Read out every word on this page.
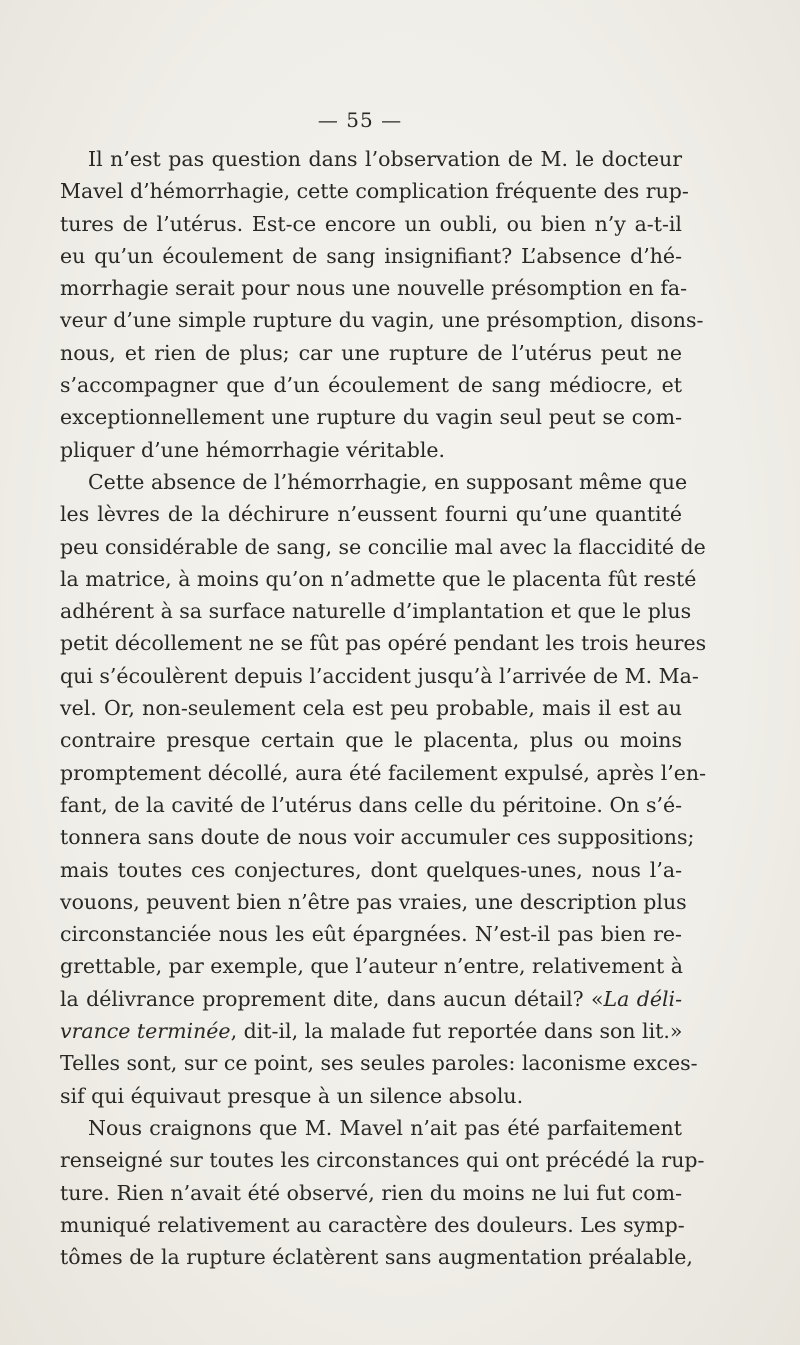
— 55 —
Il n’est pas question dans l’observation de M. le docteur
Mavel d’hémorrhagie, cette complication fréquente des rup-
tures de l’utérus. Est-ce encore un oubli, ou bien n’y a-t-il
eu qu’un écoulement de sang insignifiant? L’absence d’hé-
morrhagie serait pour nous une nouvelle présomption en fa-
veur d’une simple rupture du vagin, une présomption, disons-
nous, et rien de plus; car une rupture de l’utérus peut ne
s’accompagner que d’un écoulement de sang médiocre, et
exceptionnellement une rupture du vagin seul peut se com-
pliquer d’une hémorrhagie véritable.
Cette absence de l’hémorrhagie, en supposant même que
les lèvres de la déchirure n’eussent fourni qu’une quantité
peu considérable de sang, se concilie mal avec la flaccidité de
la matrice, à moins qu’on n’admette que le placenta fût resté
adhérent à sa surface naturelle d’implantation et que le plus
petit décollement ne se fût pas opéré pendant les trois heures
qui s’écoulèrent depuis l’accident jusqu’à l’arrivée de M. Ma-
vel. Or, non-seulement cela est peu probable, mais il est au
contraire presque certain que le placenta, plus ou moins
promptement décollé, aura été facilement expulsé, après l’en-
fant, de la cavité de l’utérus dans celle du péritoine. On s’é-
tonnera sans doute de nous voir accumuler ces suppositions;
mais toutes ces conjectures, dont quelques-unes, nous l’a-
vouons, peuvent bien n’être pas vraies, une description plus
circonstanciée nous les eût épargnées. N’est-il pas bien re-
grettable, par exemple, que l’auteur n’entre, relativement à
la délivrance proprement dite, dans aucun détail? «La déli-
vrance terminée, dit-il, la malade fut reportée dans son lit.»
Telles sont, sur ce point, ses seules paroles: laconisme exces-
sif qui équivaut presque à un silence absolu.
Nous craignons que M. Mavel n’ait pas été parfaitement
renseigné sur toutes les circonstances qui ont précédé la rup-
ture. Rien n’avait été observé, rien du moins ne lui fut com-
muniqué relativement au caractère des douleurs. Les symp-
tômes de la rupture éclatèrent sans augmentation préalable,
